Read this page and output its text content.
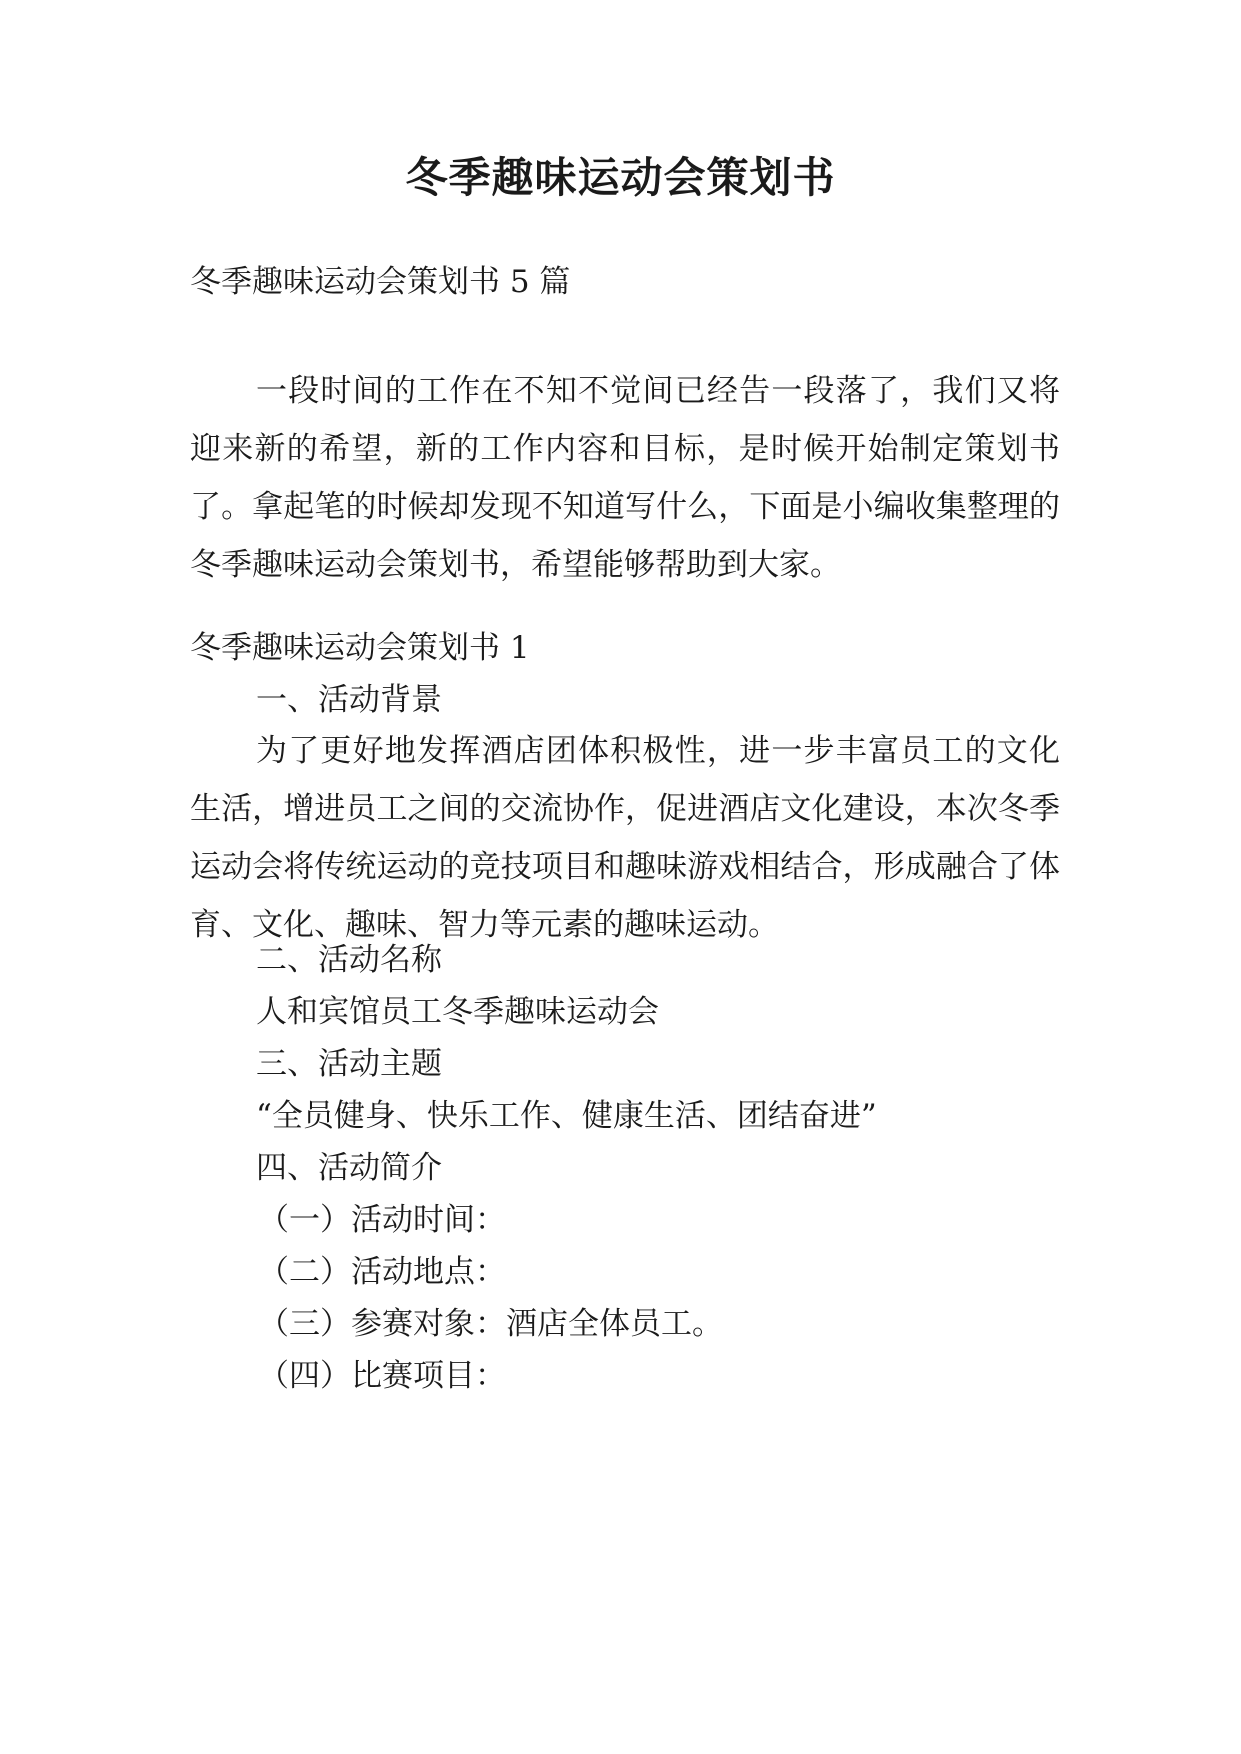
冬季趣味运动会策划书
冬季趣味运动会策划书 5 篇
一段时间的工作在不知不觉间已经告一段落了，我们又将迎来新的希望，新的工作内容和目标，是时候开始制定策划书了。拿起笔的时候却发现不知道写什么，下面是小编收集整理的冬季趣味运动会策划书，希望能够帮助到大家。
冬季趣味运动会策划书 1
一、活动背景
为了更好地发挥酒店团体积极性，进一步丰富员工的文化生活，增进员工之间的交流协作，促进酒店文化建设，本次冬季运动会将传统运动的竞技项目和趣味游戏相结合，形成融合了体育、文化、趣味、智力等元素的趣味运动。
二、活动名称
人和宾馆员工冬季趣味运动会
三、活动主题
“全员健身、快乐工作、健康生活、团结奋进”
四、活动简介
（一）活动时间：
（二）活动地点：
（三）参赛对象：酒店全体员工。
（四）比赛项目：
